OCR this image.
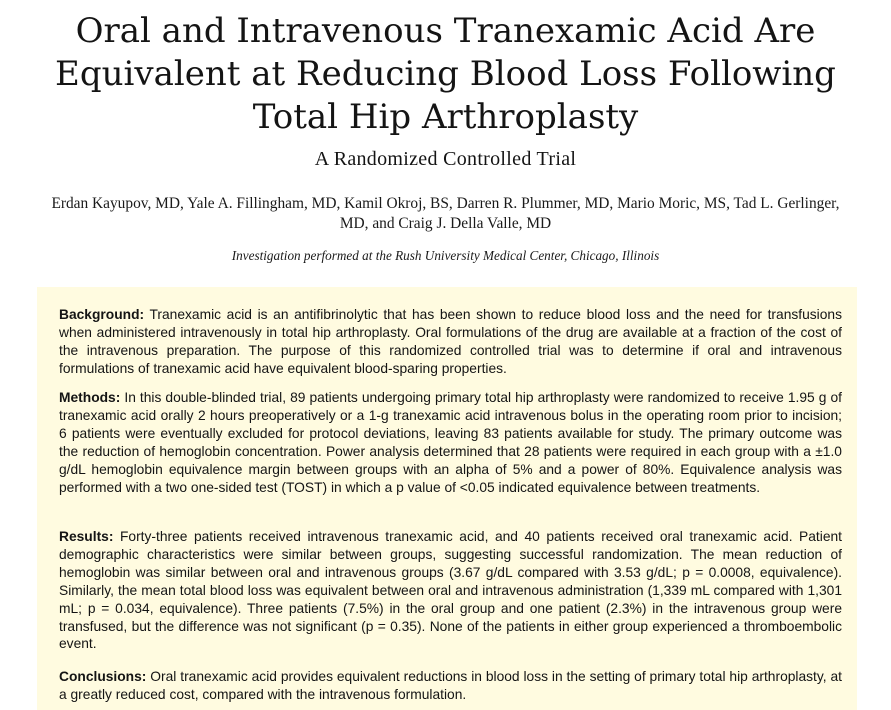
Oral and Intravenous Tranexamic Acid Are Equivalent at Reducing Blood Loss Following Total Hip Arthroplasty
A Randomized Controlled Trial

Erdan Kayupov, MD, Yale A. Fillingham, MD, Kamil Okroj, BS, Darren R. Plummer, MD, Mario Moric, MS, Tad L. Gerlinger, MD, and Craig J. Della Valle, MD

Investigation performed at the Rush University Medical Center, Chicago, Illinois

Background: Tranexamic acid is an antifibrinolytic that has been shown to reduce blood loss and the need for transfusions when administered intravenously in total hip arthroplasty. Oral formulations of the drug are available at a fraction of the cost of the intravenous preparation. The purpose of this randomized controlled trial was to determine if oral and intravenous formulations of tranexamic acid have equivalent blood-sparing properties.

Methods: In this double-blinded trial, 89 patients undergoing primary total hip arthroplasty were randomized to receive 1.95 g of tranexamic acid orally 2 hours preoperatively or a 1-g tranexamic acid intravenous bolus in the operating room prior to incision; 6 patients were eventually excluded for protocol deviations, leaving 83 patients available for study. The primary outcome was the reduction of hemoglobin concentration. Power analysis determined that 28 patients were required in each group with a ±1.0 g/dL hemoglobin equivalence margin between groups with an alpha of 5% and a power of 80%. Equivalence analysis was performed with a two one-sided test (TOST) in which a p value of <0.05 indicated equivalence between treatments.

Results: Forty-three patients received intravenous tranexamic acid, and 40 patients received oral tranexamic acid. Patient demographic characteristics were similar between groups, suggesting successful randomization. The mean reduction of hemoglobin was similar between oral and intravenous groups (3.67 g/dL compared with 3.53 g/dL; p = 0.0008, equivalence). Similarly, the mean total blood loss was equivalent between oral and intravenous administration (1,339 mL compared with 1,301 mL; p = 0.034, equivalence). Three patients (7.5%) in the oral group and one patient (2.3%) in the intravenous group were transfused, but the difference was not significant (p = 0.35). None of the patients in either group experienced a thromboembolic event.

Conclusions: Oral tranexamic acid provides equivalent reductions in blood loss in the setting of primary total hip arthroplasty, at a greatly reduced cost, compared with the intravenous formulation.
